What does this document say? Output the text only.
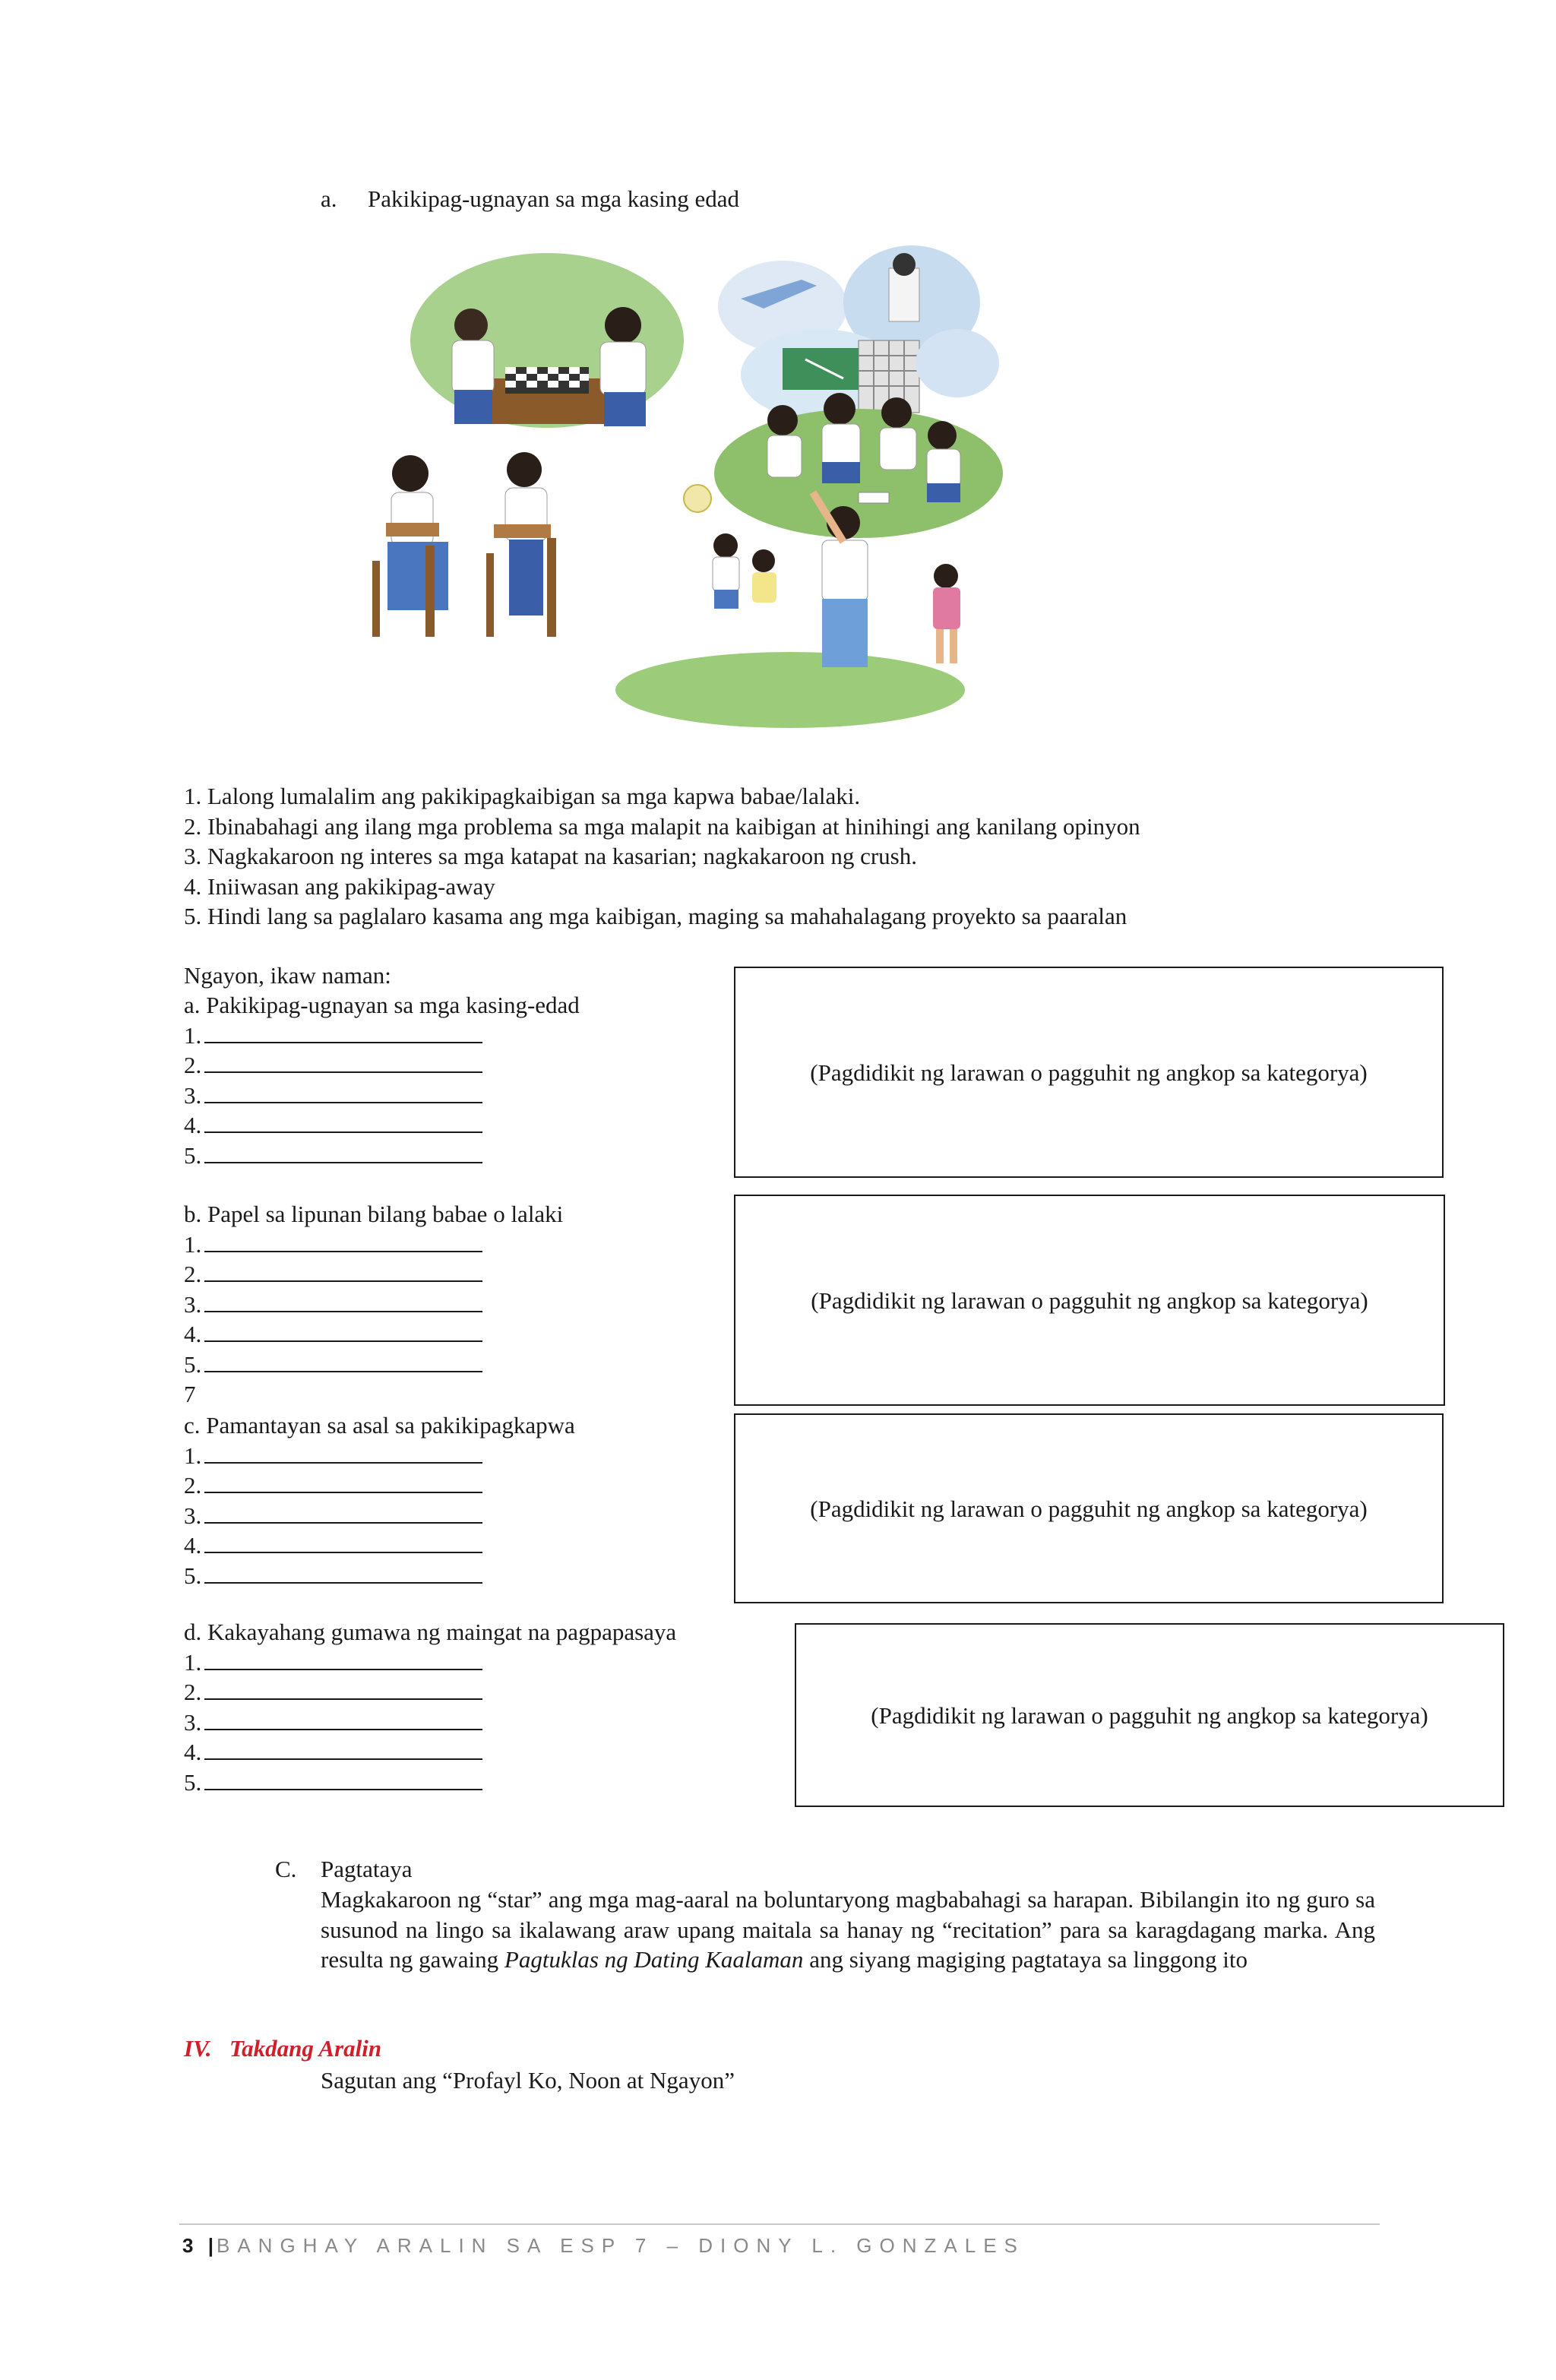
a. Pakikipag-ugnayan sa mga kasing edad
1. Lalong lumalalim ang pakikipagkaibigan sa mga kapwa babae/lalaki.
2. Ibinabahagi ang ilang mga problema sa mga malapit na kaibigan at hinihingi ang kanilang opinyon
3. Nagkakaroon ng interes sa mga katapat na kasarian; nagkakaroon ng crush.
4. Iniiwasan ang pakikipag-away
5. Hindi lang sa paglalaro kasama ang mga kaibigan, maging sa mahahalagang proyekto sa paaralan
Ngayon, ikaw naman:
a. Pakikipag-ugnayan sa mga kasing-edad
1.
2.
3.
4.
5.
(Pagdidikit ng larawan o pagguhit ng angkop sa kategorya)
b. Papel sa lipunan bilang babae o lalaki
1.
2.
3.
4.
5.
7
(Pagdidikit ng larawan o pagguhit ng angkop sa kategorya)
c. Pamantayan sa asal sa pakikipagkapwa
1.
2.
3.
4.
5.
(Pagdidikit ng larawan o pagguhit ng angkop sa kategorya)
d. Kakayahang gumawa ng maingat na pagpapasaya
1.
2.
3.
4.
5.
(Pagdidikit ng larawan o pagguhit ng angkop sa kategorya)
C. Pagtataya
Magkakaroon ng “star” ang mga mag-aaral na boluntaryong magbabahagi sa harapan. Bibilangin ito ng guro sa susunod na lingo sa ikalawang araw upang maitala sa hanay ng “recitation” para sa karagdagang marka. Ang resulta ng gawaing Pagtuklas ng Dating Kaalaman ang siyang magiging pagtataya sa linggong ito
IV. Takdang Aralin
Sagutan ang “Profayl Ko, Noon at Ngayon”
3 |BANGHAY ARALIN SA ESP 7 – DIONY L. GONZALES
